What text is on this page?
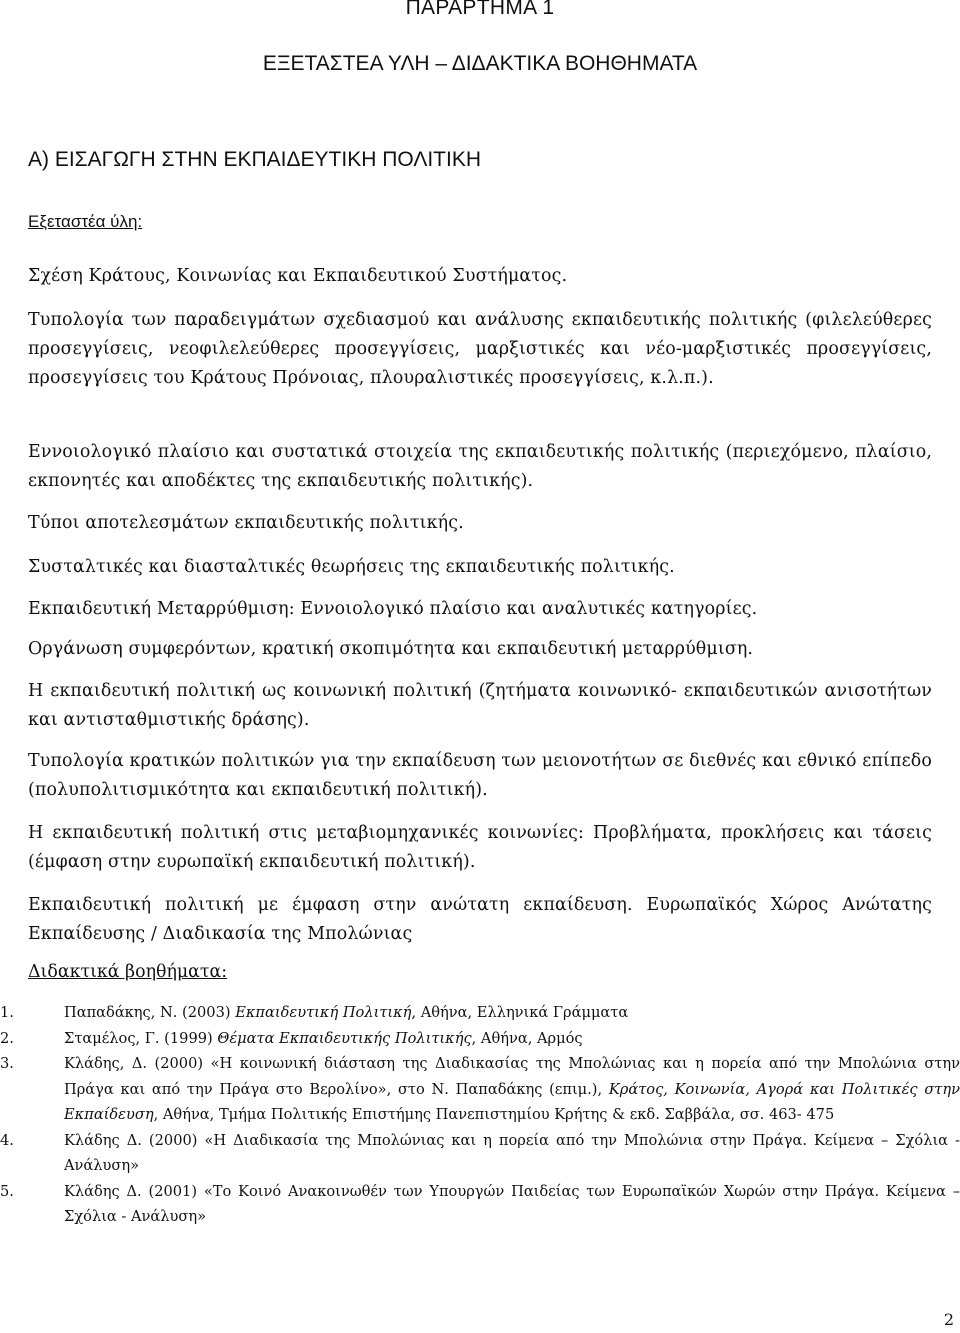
ΠΑΡΑΡΤΗΜΑ 1
ΕΞΕΤΑΣΤΕΑ ΥΛΗ – ΔΙΔΑΚΤΙΚΑ ΒΟΗΘΗΜΑΤΑ
Α) ΕΙΣΑΓΩΓΗ ΣΤΗΝ ΕΚΠΑΙΔΕΥΤΙΚΗ ΠΟΛΙΤΙΚΗ
Εξεταστέα ύλη:

Σχέση Κράτους, Κοινωνίας και Εκπαιδευτικού Συστήματος.

Τυπολογία των παραδειγμάτων σχεδιασμού και ανάλυσης εκπαιδευτικής πολιτικής (φιλελεύθερες προσεγγίσεις, νεοφιλελεύθερες προσεγγίσεις, μαρξιστικές και νέο-μαρξιστικές προσεγγίσεις, προσεγγίσεις του Κράτους Πρόνοιας, πλουραλιστικές προσεγγίσεις, κ.λ.π.).

Εννοιολογικό πλαίσιο και συστατικά στοιχεία της εκπαιδευτικής πολιτικής (περιεχόμενο, πλαίσιο, εκπονητές και αποδέκτες της εκπαιδευτικής πολιτικής).

Τύποι αποτελεσμάτων εκπαιδευτικής πολιτικής.

Συσταλτικές και διασταλτικές θεωρήσεις της εκπαιδευτικής πολιτικής.

Εκπαιδευτική Μεταρρύθμιση: Εννοιολογικό πλαίσιο και αναλυτικές κατηγορίες.

Οργάνωση συμφερόντων, κρατική σκοπιμότητα και εκπαιδευτική μεταρρύθμιση.

Η εκπαιδευτική πολιτική ως κοινωνική πολιτική (ζητήματα κοινωνικό- εκπαιδευτικών ανισοτήτων και αντισταθμιστικής δράσης).

Τυπολογία κρατικών πολιτικών για την εκπαίδευση των μειονοτήτων σε διεθνές και εθνικό επίπεδο (πολυπολιτισμικότητα και εκπαιδευτική πολιτική).

Η εκπαιδευτική πολιτική στις μεταβιομηχανικές κοινωνίες: Προβλήματα, προκλήσεις και τάσεις (έμφαση στην ευρωπαϊκή εκπαιδευτική πολιτική).

Εκπαιδευτική πολιτική με έμφαση στην ανώτατη εκπαίδευση. Ευρωπαϊκός Χώρος Ανώτατης Εκπαίδευσης / Διαδικασία της Μπολώνιας

Διδακτικά βοηθήματα:
1.	Παπαδάκης, Ν. (2003) Εκπαιδευτική Πολιτική, Αθήνα, Ελληνικά Γράμματα
2.	Σταμέλος, Γ. (1999) Θέματα Εκπαιδευτικής Πολιτικής, Αθήνα, Αρμός
3.	Κλάδης, Δ. (2000) «Η κοινωνική διάσταση της Διαδικασίας της Μπολώνιας και η πορεία από την Μπολώνια στην Πράγα και από την Πράγα στο Βερολίνο», στο Ν. Παπαδάκης (επιμ.), Κράτος, Κοινωνία, Αγορά και Πολιτικές στην Εκπαίδευση, Αθήνα, Τμήμα Πολιτικής Επιστήμης Πανεπιστημίου Κρήτης & εκδ. Σαββάλα, σσ. 463- 475
4.	Κλάδης Δ. (2000) «Η Διαδικασία της Μπολώνιας και η πορεία από την Μπολώνια στην Πράγα. Κείμενα – Σχόλια - Ανάλυση»
5.	Κλάδης Δ. (2001) «Το Κοινό Ανακοινωθέν των Υπουργών Παιδείας των Ευρωπαϊκών Χωρών στην Πράγα. Κείμενα – Σχόλια - Ανάλυση»
2
